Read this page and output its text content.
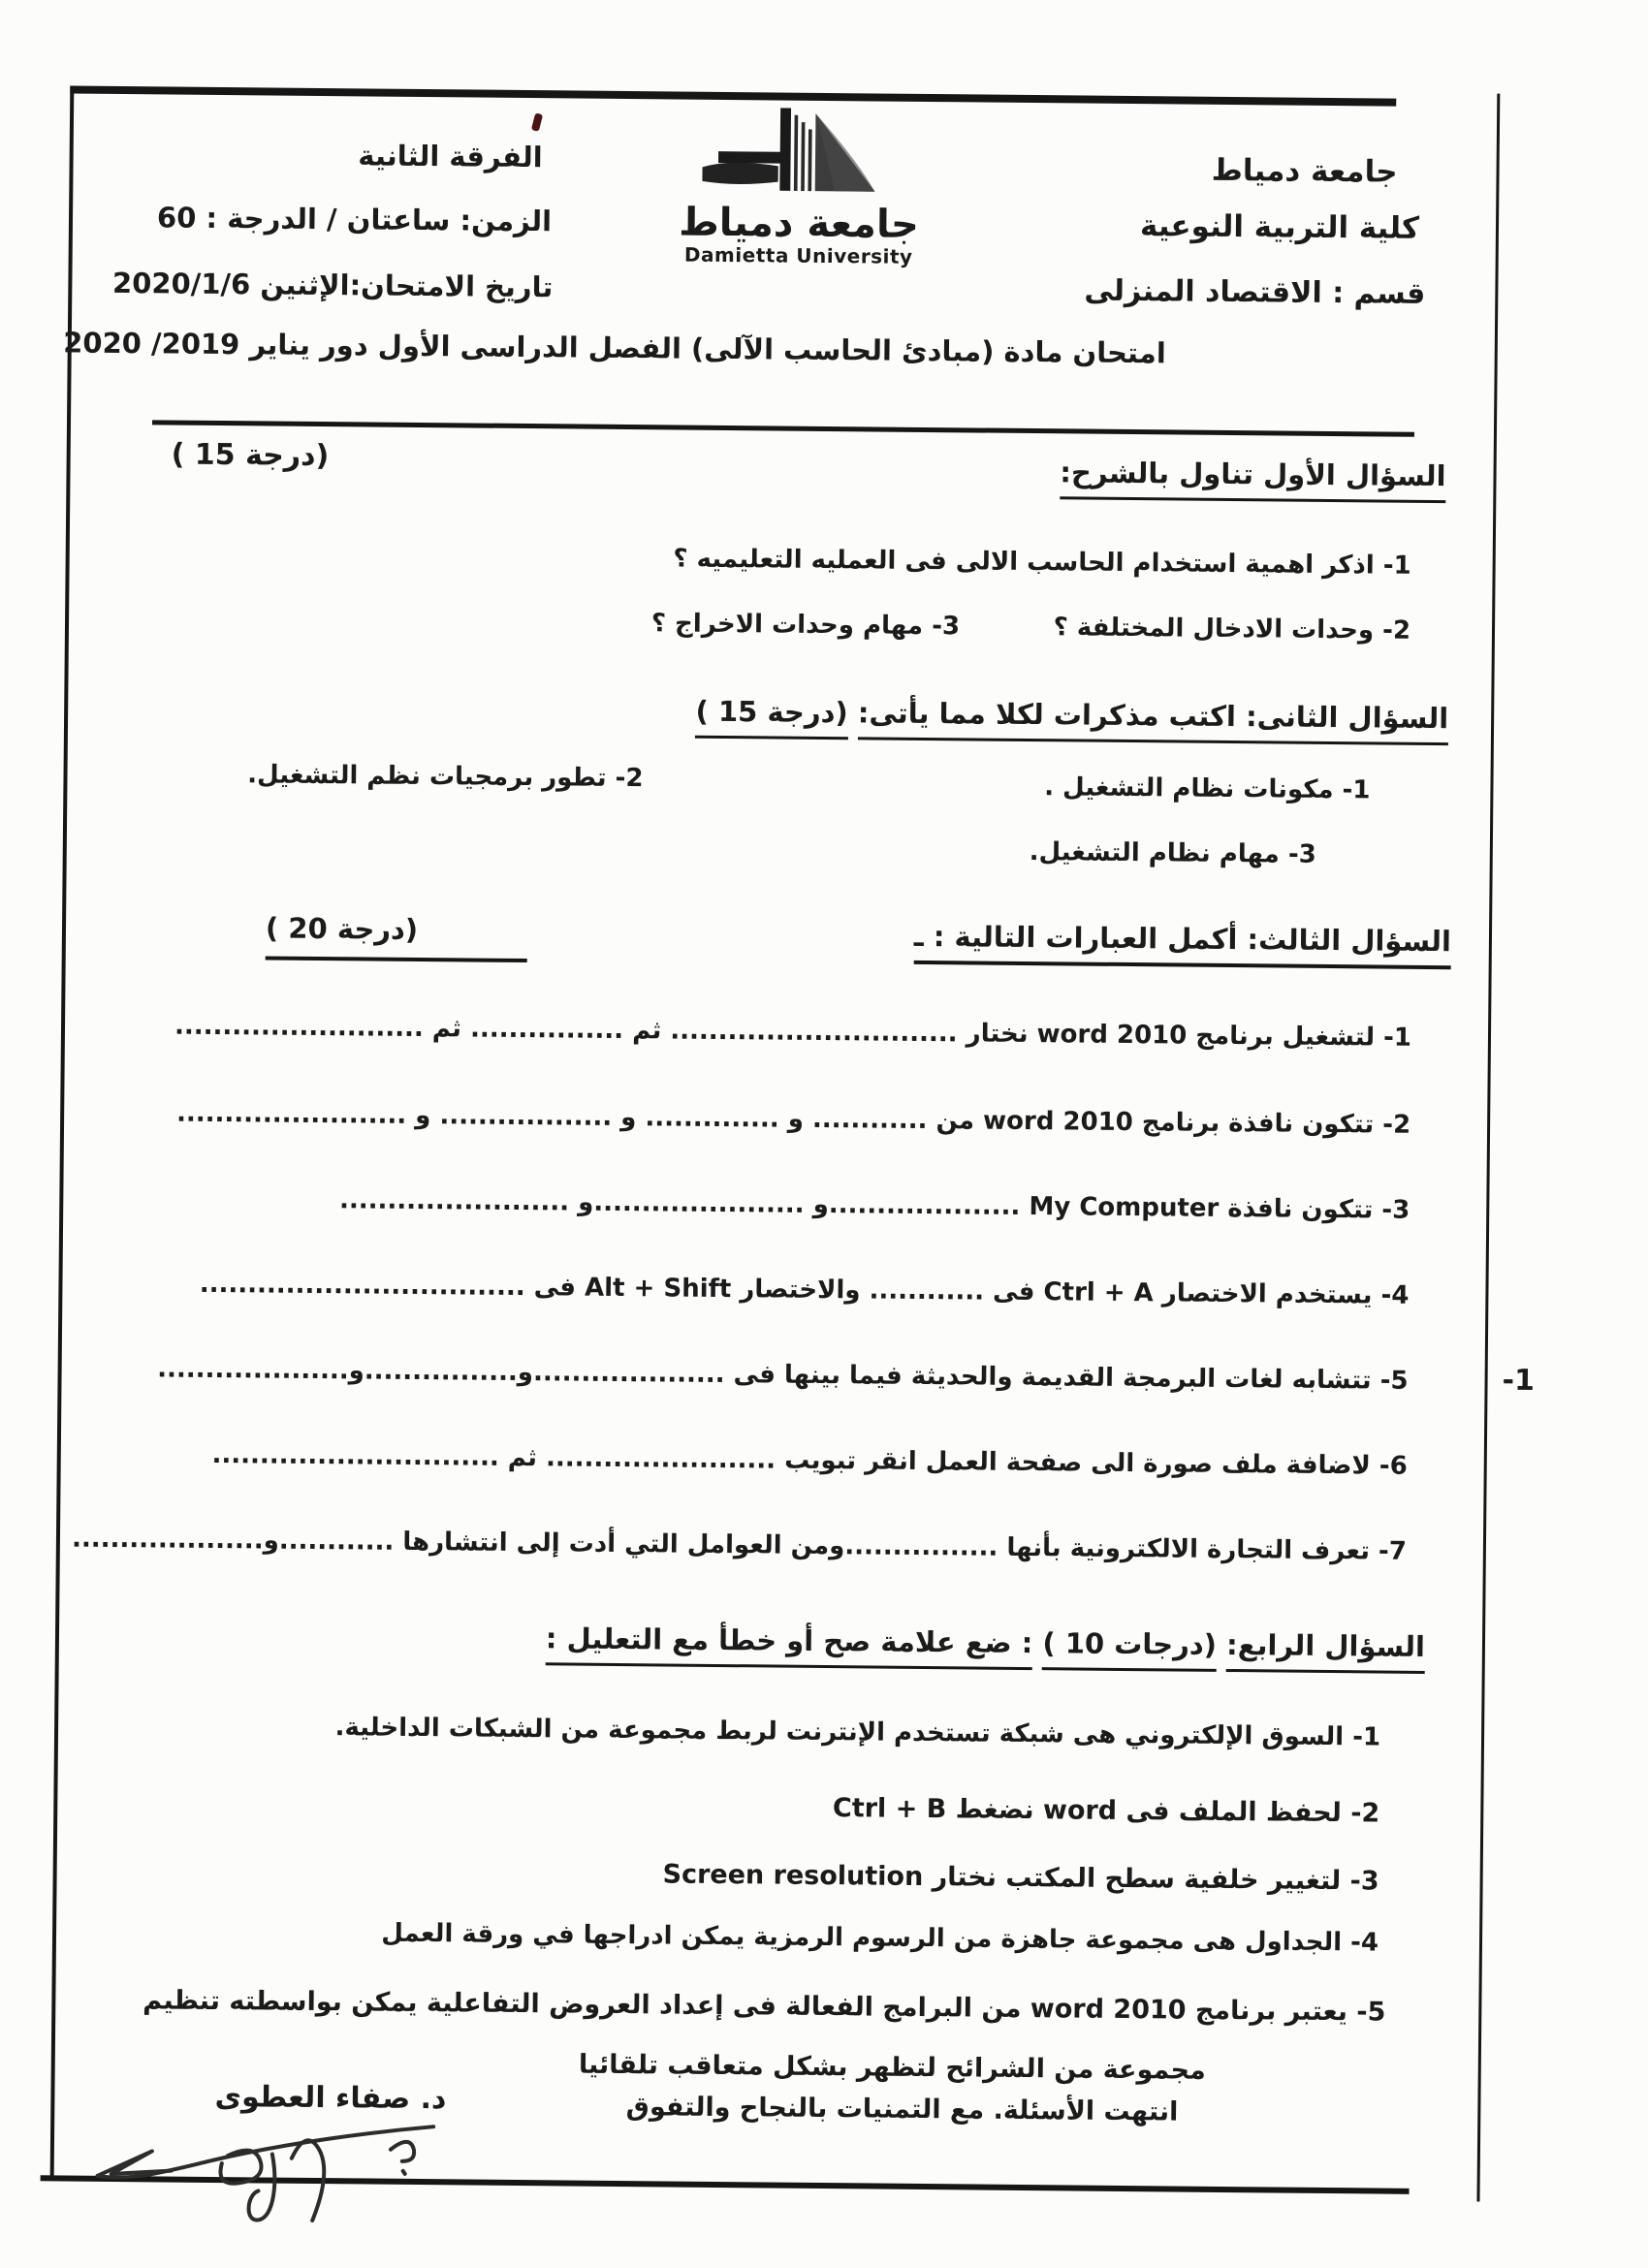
جامعة دمياط
كلية التربية النوعية
قسم : الاقتصاد المنزلى
الفرقة الثانية
الزمن: ساعتان / الدرجة : 60
تاريخ الامتحان:الإثنين 2020/1/6
جامعة دمياط
Damietta University
امتحان مادة (مبادئ الحاسب الآلى) الفصل الدراسى الأول دور يناير 2019/ 2020
السؤال الأول تناول بالشرح:
( 15 درجة)
1- اذكر اهمية استخدام الحاسب الالى فى العمليه التعليميه ؟
2- وحدات الادخال المختلفة ؟
3- مهام وحدات الاخراج ؟
السؤال الثانى: اكتب مذكرات لكلا مما يأتى: ( 15 درجة)
1- مكونات نظام التشغيل .
2- تطور برمجيات نظم التشغيل.
3- مهام نظام التشغيل.
السؤال الثالث: أكمل العبارات التالية : ـ
( 20 درجة)
1- لتشغيل برنامج word 2010 نختار .............................. ثم ................ ثم ..........................
2- تتكون نافذة برنامج word 2010 من ............ و .............. و .................. و ........................
3- تتكون نافذة My Computer ....................و ......................و ........................
4- يستخدم الاختصار Ctrl + A فى ............ والاختصار Alt + Shift فى ..................................
5- تتشابه لغات البرمجة القديمة والحديثة فيما بينها فى ....................و................و....................
6- لاضافة ملف صورة الى صفحة العمل انقر تبويب ........................ ثم ..............................
7- تعرف التجارة الالكترونية بأنها ................ومن العوامل التي أدت إلى انتشارها ............و....................
-1
السؤال الرابع: ( 10 درجات) : ضع علامة صح أو خطأ مع التعليل :
1- السوق الإلكتروني هى شبكة تستخدم الإنترنت لربط مجموعة من الشبكات الداخلية.
2- لحفظ الملف فى word نضغط Ctrl + B
3- لتغيير خلفية سطح المكتب نختار Screen resolution
4- الجداول هى مجموعة جاهزة من الرسوم الرمزية يمكن ادراجها في ورقة العمل
5- يعتبر برنامج word 2010 من البرامج الفعالة فى إعداد العروض التفاعلية يمكن بواسطته تنظيم مجموعة من الشرائح لتظهر بشكل متعاقب تلقائيا
انتهت الأسئلة. مع التمنيات بالنجاح والتفوق
د. صفاء العطوى
